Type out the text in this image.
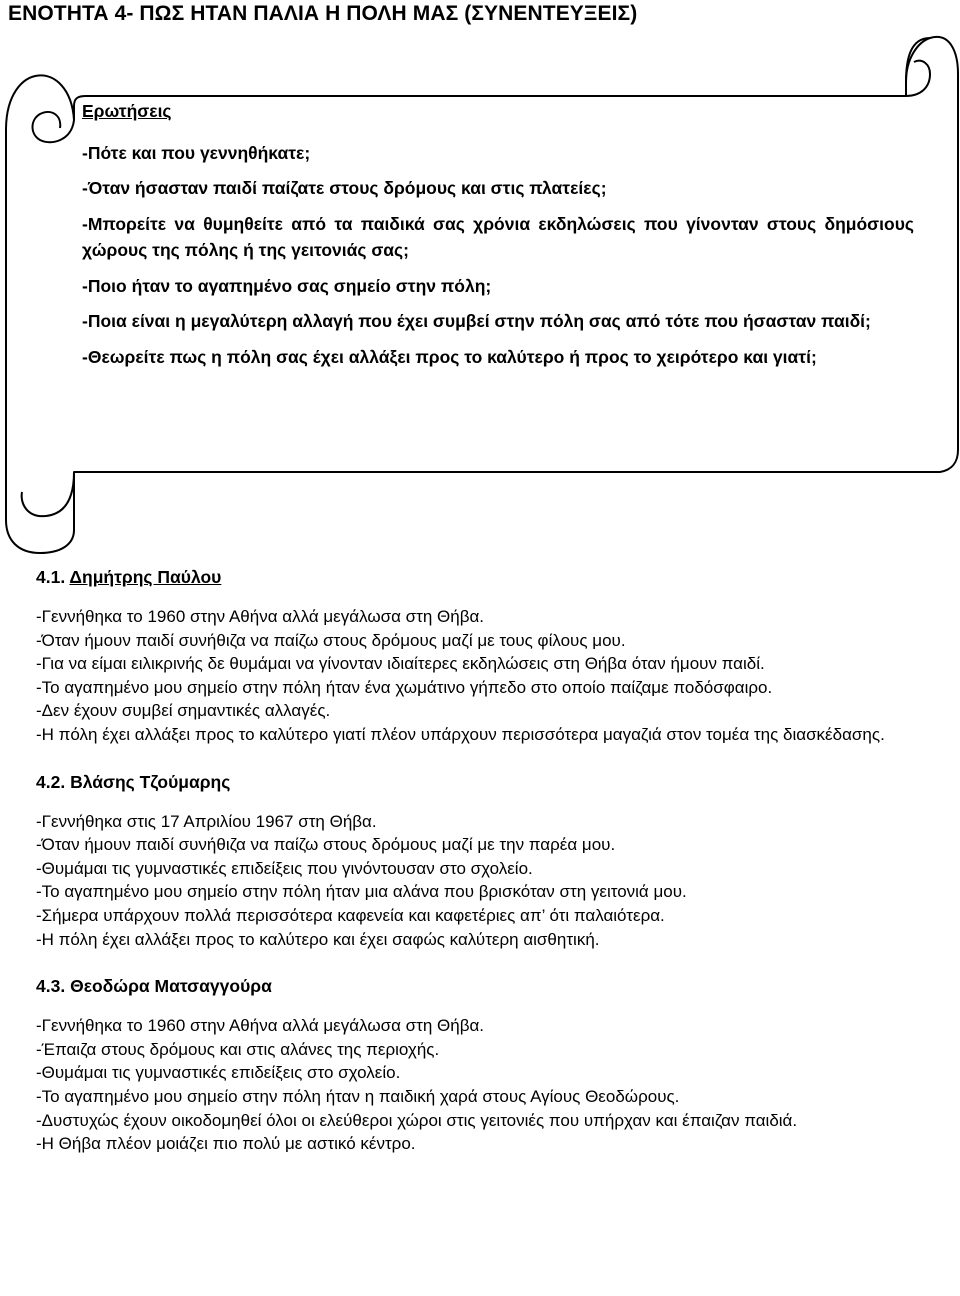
ΕΝΟΤΗΤΑ 4- ΠΩΣ ΗΤΑΝ ΠΑΛΙΑ Η ΠΟΛΗ ΜΑΣ (ΣΥΝΕΝΤΕΥΞΕΙΣ)
Ερωτήσεις
-Πότε και που γεννηθήκατε;
-Όταν ήσασταν παιδί παίζατε στους δρόμους και στις πλατείες;
-Μπορείτε να θυμηθείτε από τα παιδικά σας χρόνια εκδηλώσεις που γίνονταν στους δημόσιους χώρους της πόλης ή της γειτονιάς σας;
-Ποιο ήταν το αγαπημένο σας σημείο στην πόλη;
-Ποια είναι η μεγαλύτερη αλλαγή που έχει συμβεί στην πόλη σας από τότε που ήσασταν παιδί;
-Θεωρείτε πως η πόλη σας έχει αλλάξει προς το καλύτερο ή προς το χειρότερο και γιατί;
4.1. Δημήτρης Παύλου
-Γεννήθηκα το 1960 στην Αθήνα αλλά μεγάλωσα στη Θήβα.
-Όταν ήμουν παιδί συνήθιζα να παίζω στους δρόμους μαζί με τους φίλους μου.
-Για να είμαι ειλικρινής δε θυμάμαι να γίνονταν ιδιαίτερες εκδηλώσεις στη Θήβα όταν ήμουν παιδί.
-Το αγαπημένο μου σημείο στην πόλη ήταν ένα χωμάτινο γήπεδο στο οποίο παίζαμε ποδόσφαιρο.
-Δεν έχουν συμβεί σημαντικές αλλαγές.
-Η πόλη έχει αλλάξει προς το καλύτερο γιατί πλέον υπάρχουν περισσότερα μαγαζιά στον τομέα της διασκέδασης.
4.2. Βλάσης Τζούμαρης
-Γεννήθηκα στις 17 Απριλίου 1967 στη Θήβα.
-Όταν ήμουν παιδί συνήθιζα να παίζω στους δρόμους μαζί με την παρέα μου.
-Θυμάμαι τις γυμναστικές επιδείξεις που γινόντουσαν στο σχολείο.
-Το αγαπημένο μου σημείο στην πόλη ήταν μια αλάνα που βρισκόταν στη γειτονιά μου.
-Σήμερα υπάρχουν πολλά περισσότερα καφενεία και καφετέριες απ’ ότι παλαιότερα.
-Η πόλη έχει αλλάξει προς το καλύτερο και έχει σαφώς καλύτερη αισθητική.
4.3. Θεοδώρα Ματσαγγούρα
-Γεννήθηκα το 1960 στην Αθήνα αλλά μεγάλωσα στη Θήβα.
-Έπαιζα στους δρόμους και στις αλάνες της περιοχής.
-Θυμάμαι τις γυμναστικές επιδείξεις στο σχολείο.
-Το αγαπημένο μου σημείο στην πόλη ήταν η παιδική χαρά στους Αγίους Θεοδώρους.
-Δυστυχώς έχουν οικοδομηθεί όλοι οι ελεύθεροι χώροι στις γειτονιές που υπήρχαν και έπαιζαν παιδιά.
-Η Θήβα πλέον μοιάζει πιο πολύ με αστικό κέντρο.
